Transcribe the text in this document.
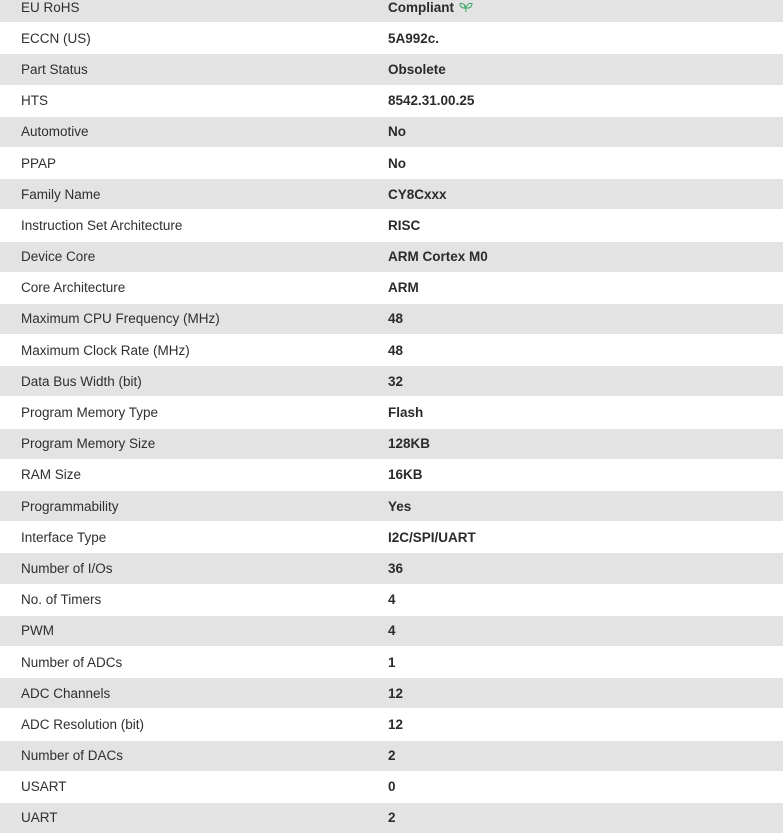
EU RoHS	Compliant
ECCN (US)	5A992c.
Part Status	Obsolete
HTS	8542.31.00.25
Automotive	No
PPAP	No
Family Name	CY8Cxxx
Instruction Set Architecture	RISC
Device Core	ARM Cortex M0
Core Architecture	ARM
Maximum CPU Frequency (MHz)	48
Maximum Clock Rate (MHz)	48
Data Bus Width (bit)	32
Program Memory Type	Flash
Program Memory Size	128KB
RAM Size	16KB
Programmability	Yes
Interface Type	I2C/SPI/UART
Number of I/Os	36
No. of Timers	4
PWM	4
Number of ADCs	1
ADC Channels	12
ADC Resolution (bit)	12
Number of DACs	2
USART	0
UART	2
